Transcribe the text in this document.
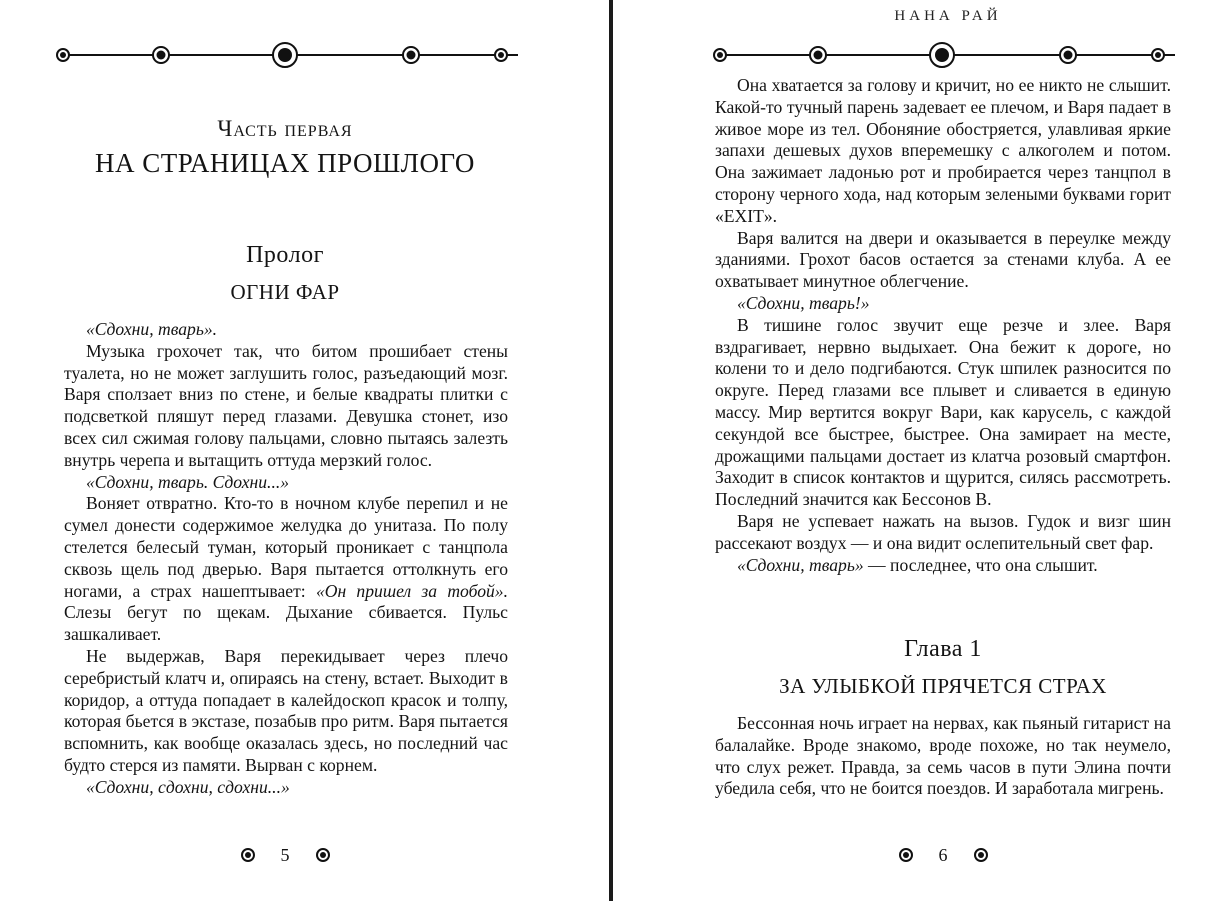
Часть первая
НА СТРАНИЦАХ ПРОШЛОГО
Пролог
ОГНИ ФАР

«Сдохни, тварь».

Музыка грохочет так, что битом прошибает стены туалета, но не может заглушить голос, разъедающий мозг. Варя сползает вниз по стене, и белые квадраты плитки с подсветкой пляшут перед глазами. Девушка стонет, изо всех сил сжимая голову пальцами, словно пытаясь залезть внутрь черепа и вытащить оттуда мерзкий голос.

«Сдохни, тварь. Сдохни...»

Воняет отвратно. Кто-то в ночном клубе перепил и не сумел донести содержимое желудка до унитаза. По полу стелется белесый туман, который проникает с танцпола сквозь щель под дверью. Варя пытается оттолкнуть его ногами, а страх нашептывает: «Он пришел за тобой». Слезы бегут по щекам. Дыхание сбивается. Пульс зашкаливает.

Не выдержав, Варя перекидывает через плечо серебристый клатч и, опираясь на стену, встает. Выходит в коридор, а оттуда попадает в калейдоскоп красок и толпу, которая бьется в экстазе, позабыв про ритм. Варя пытается вспомнить, как вообще оказалась здесь, но последний час будто стерся из памяти. Вырван с корнем.

«Сдохни, сдохни, сдохни...»

5
НАНА РАЙ

Она хватается за голову и кричит, но ее никто не слышит. Какой-то тучный парень задевает ее плечом, и Варя падает в живое море из тел. Обоняние обостряется, улавливая яркие запахи дешевых духов вперемешку с алкоголем и потом. Она зажимает ладонью рот и пробирается через танцпол в сторону черного хода, над которым зелеными буквами горит «EXIT».

Варя валится на двери и оказывается в переулке между зданиями. Грохот басов остается за стенами клуба. А ее охватывает минутное облегчение.

«Сдохни, тварь!»

В тишине голос звучит еще резче и злее. Варя вздрагивает, нервно выдыхает. Она бежит к дороге, но колени то и дело подгибаются. Стук шпилек разносится по округе. Перед глазами все плывет и сливается в единую массу. Мир вертится вокруг Вари, как карусель, с каждой секундой все быстрее, быстрее. Она замирает на месте, дрожащими пальцами достает из клатча розовый смартфон. Заходит в список контактов и щурится, силясь рассмотреть. Последний значится как Бессонов В.

Варя не успевает нажать на вызов. Гудок и визг шин рассекают воздух — и она видит ослепительный свет фар.

«Сдохни, тварь» — последнее, что она слышит.

Глава 1
ЗА УЛЫБКОЙ ПРЯЧЕТСЯ СТРАХ

Бессонная ночь играет на нервах, как пьяный гитарист на балалайке. Вроде знакомо, вроде похоже, но так неумело, что слух режет. Правда, за семь часов в пути Элина почти убедила себя, что не боится поездов. И заработала мигрень.

6
